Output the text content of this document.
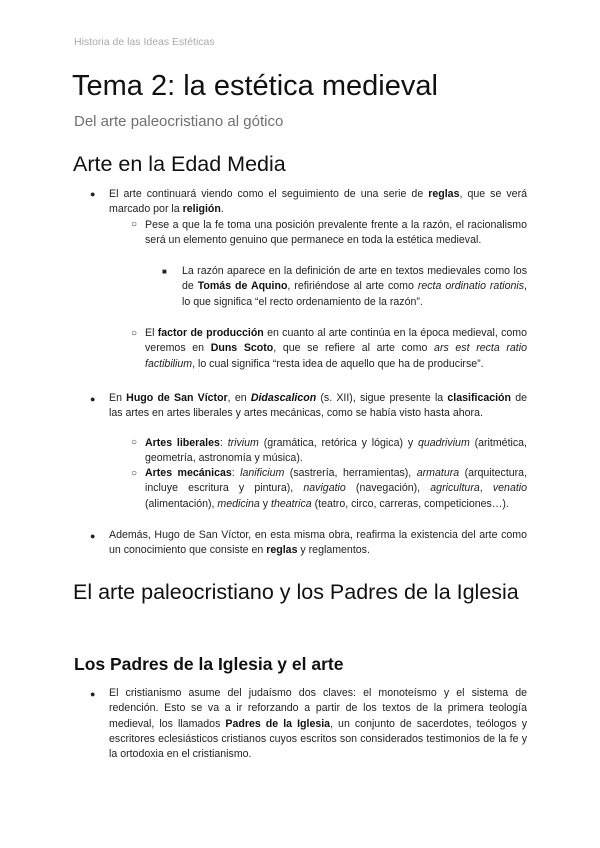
Historia de las Ideas Estéticas
Tema 2: la estética medieval
Del arte paleocristiano al gótico
Arte en la Edad Media
● El arte continuará viendo como el seguimiento de una serie de reglas, que se verá marcado por la religión.
○ Pese a que la fe toma una posición prevalente frente a la razón, el racionalismo será un elemento genuino que permanece en toda la estética medieval.
■ La razón aparece en la definición de arte en textos medievales como los de Tomás de Aquino, refiriéndose al arte como recta ordinatio rationis, lo que significa “el recto ordenamiento de la razón”.
○ El factor de producción en cuanto al arte continúa en la época medieval, como veremos en Duns Scoto, que se refiere al arte como ars est recta ratio factibilium, lo cual significa “resta idea de aquello que ha de producirse”.
● En Hugo de San Víctor, en Didascalicon (s. XII), sigue presente la clasificación de las artes en artes liberales y artes mecánicas, como se había visto hasta ahora.
○ Artes liberales: trivium (gramática, retórica y lógica) y quadrivium (aritmética, geometría, astronomía y música).
○ Artes mecánicas: lanificium (sastrería, herramientas), armatura (arquitectura, incluye escritura y pintura), navigatio (navegación), agricultura, venatio (alimentación), medicina y theatrica (teatro, circo, carreras, competiciones…).
● Además, Hugo de San Víctor, en esta misma obra, reafirma la existencia del arte como un conocimiento que consiste en reglas y reglamentos.
El arte paleocristiano y los Padres de la Iglesia
Los Padres de la Iglesia y el arte
● El cristianismo asume del judaísmo dos claves: el monoteísmo y el sistema de redención. Esto se va a ir reforzando a partir de los textos de la primera teología medieval, los llamados Padres de la Iglesia, un conjunto de sacerdotes, teólogos y escritores eclesiásticos cristianos cuyos escritos son considerados testimonios de la fe y la ortodoxia en el cristianismo.
